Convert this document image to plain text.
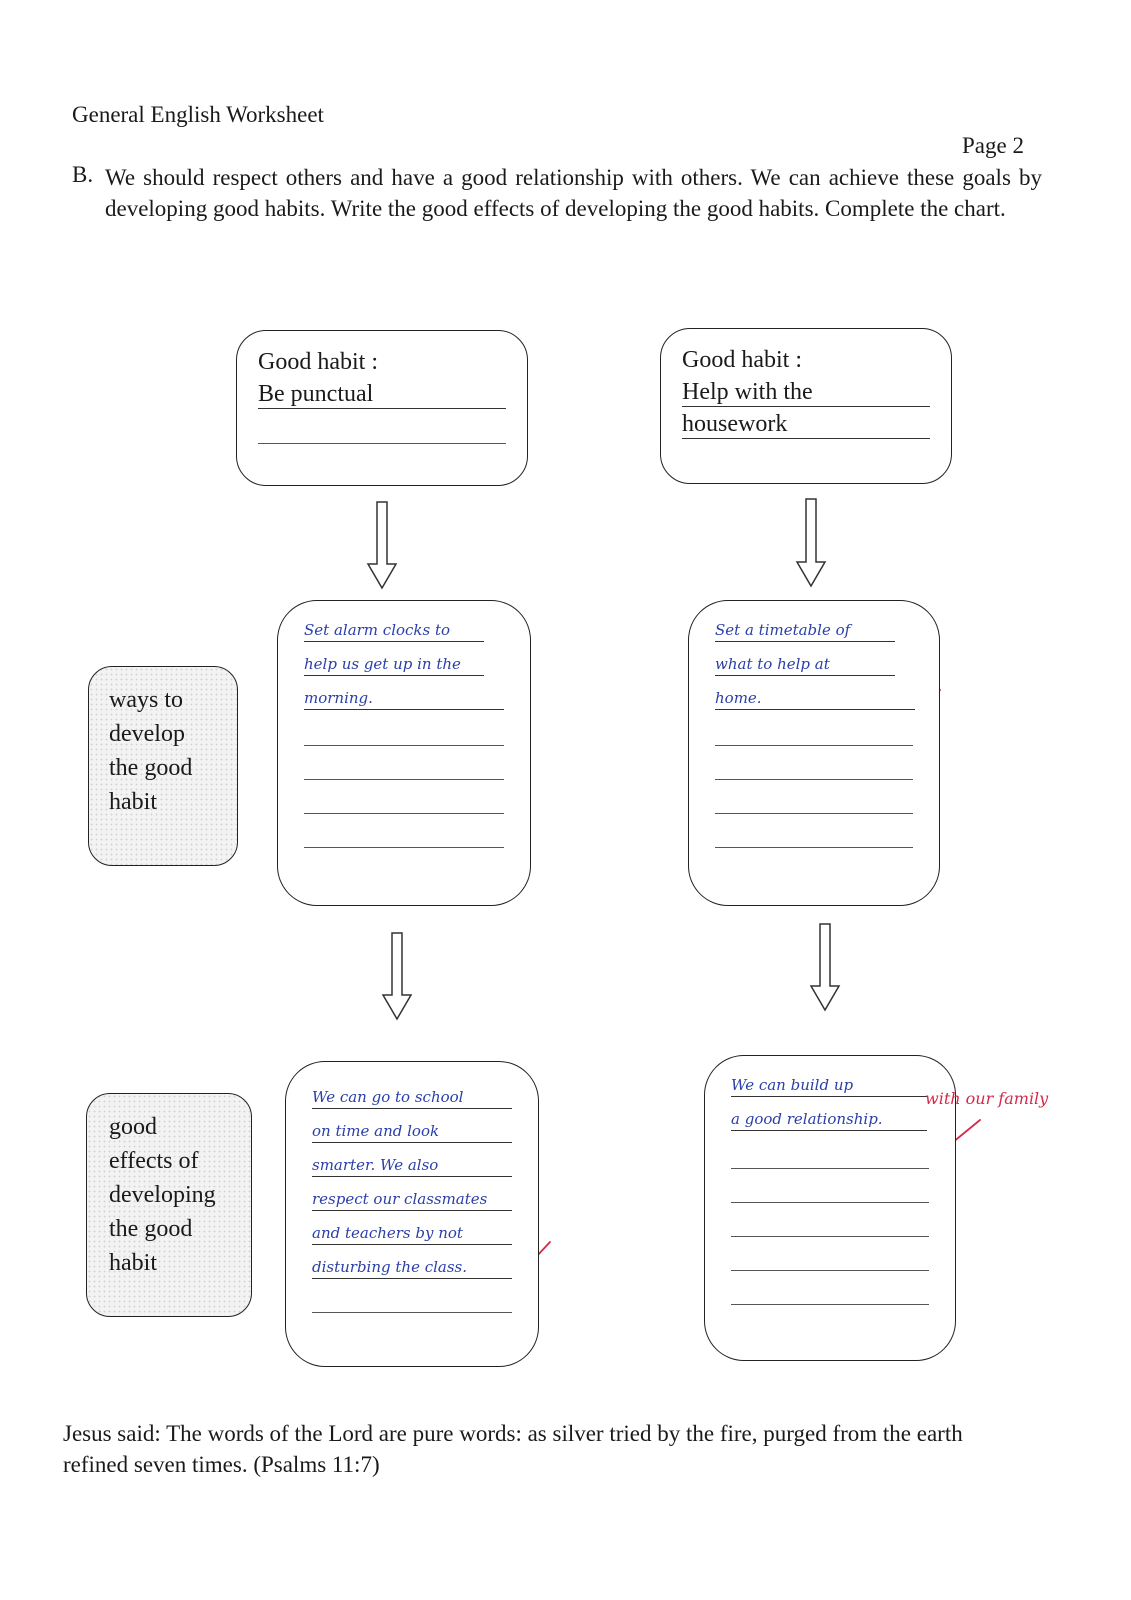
General English Worksheet
Page 2
B. We should respect others and have a good relationship with others. We can achieve these goals by developing good habits. Write the good effects of developing the good habits. Complete the chart.
Good habit :
Be punctual
Good habit :
Help with the
housework
ways to
develop
the good
habit
Set alarm clocks to
help us get up in the
morning.
Set a timetable of
what to help at
home.
good
effects of
developing
the good
habit
We can go to school
on time and look
smarter. We also
respect our classmates
and teachers by not
disturbing the class.
We can build up
a good relationship.
with our family
Jesus said: The words of the Lord are pure words: as silver tried by the fire, purged from the earth refined seven times. (Psalms 11:7)
